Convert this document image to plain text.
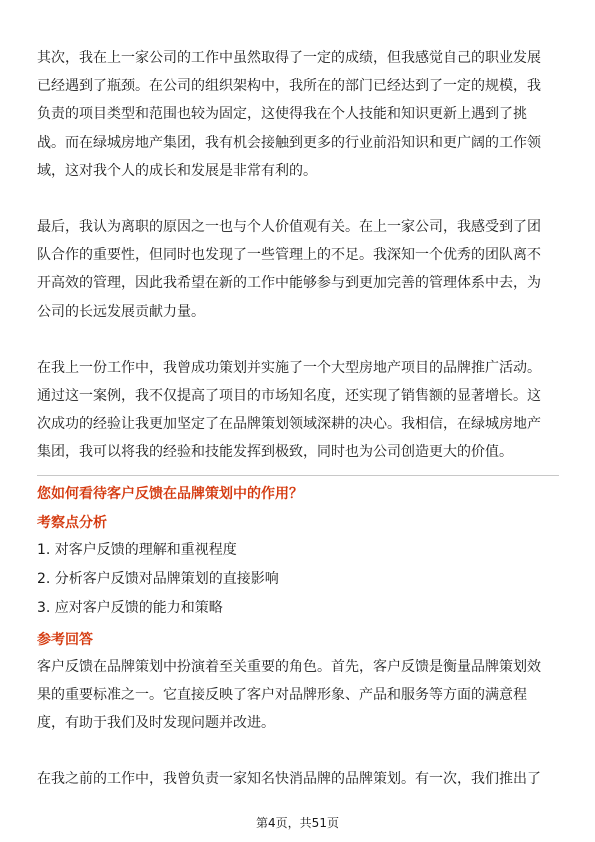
其次，我在上一家公司的工作中虽然取得了一定的成绩，但我感觉自己的职业发展
已经遇到了瓶颈。在公司的组织架构中，我所在的部门已经达到了一定的规模，我
负责的项目类型和范围也较为固定，这使得我在个人技能和知识更新上遇到了挑
战。而在绿城房地产集团，我有机会接触到更多的行业前沿知识和更广阔的工作领
域，这对我个人的成长和发展是非常有利的。
最后，我认为离职的原因之一也与个人价值观有关。在上一家公司，我感受到了团
队合作的重要性，但同时也发现了一些管理上的不足。我深知一个优秀的团队离不
开高效的管理，因此我希望在新的工作中能够参与到更加完善的管理体系中去，为
公司的长远发展贡献力量。
在我上一份工作中，我曾成功策划并实施了一个大型房地产项目的品牌推广活动。
通过这一案例，我不仅提高了项目的市场知名度，还实现了销售额的显著增长。这
次成功的经验让我更加坚定了在品牌策划领域深耕的决心。我相信，在绿城房地产
集团，我可以将我的经验和技能发挥到极致，同时也为公司创造更大的价值。
您如何看待客户反馈在品牌策划中的作用？
考察点分析
1. 对客户反馈的理解和重视程度
2. 分析客户反馈对品牌策划的直接影响
3. 应对客户反馈的能力和策略
参考回答
客户反馈在品牌策划中扮演着至关重要的角色。首先，客户反馈是衡量品牌策划效
果的重要标准之一。它直接反映了客户对品牌形象、产品和服务等方面的满意程
度，有助于我们及时发现问题并改进。
在我之前的工作中，我曾负责一家知名快消品牌的品牌策划。有一次，我们推出了
第4页，共51页
